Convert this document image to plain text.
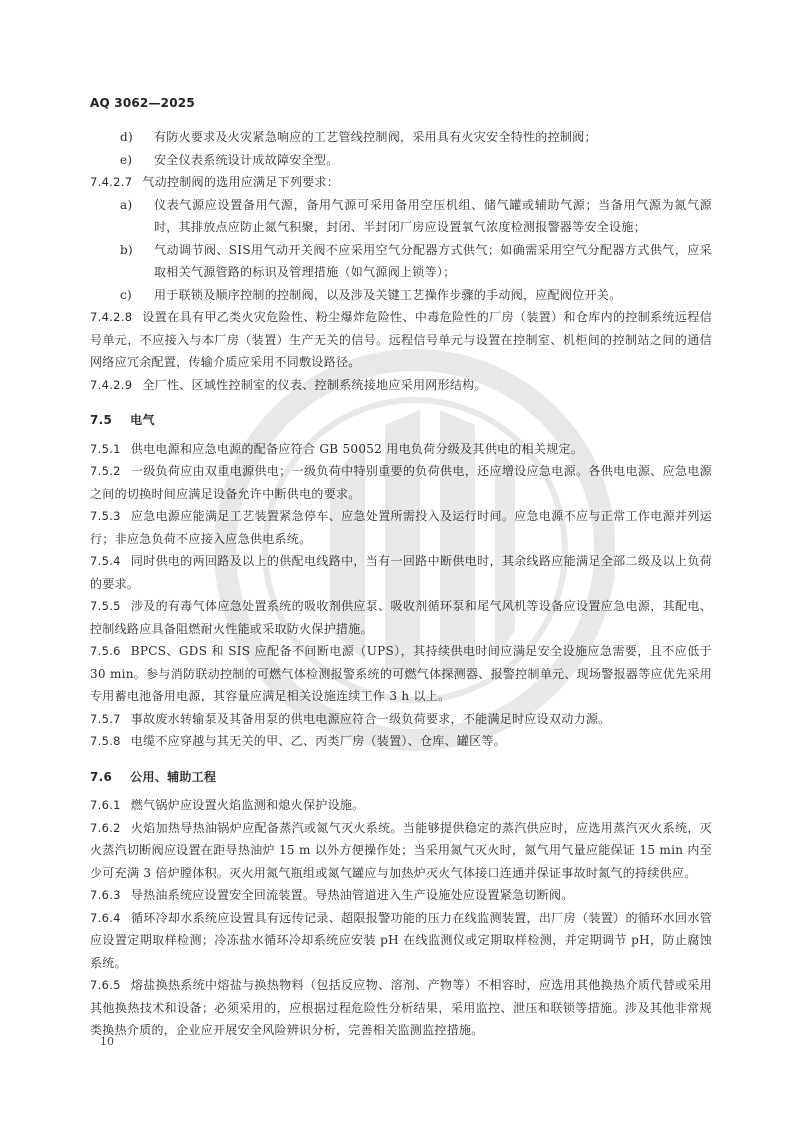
AQ 3062—2025
d)	有防火要求及火灾紧急响应的工艺管线控制阀，采用具有火灾安全特性的控制阀；
e)	安全仪表系统设计成故障安全型。

7.4.2.7 气动控制阀的选用应满足下列要求：

a)	仪表气源应设置备用气源，备用气源可采用备用空压机组、储气罐或辅助气源；当备用气源为氮气源时，其排放点应防止氮气积聚，封闭、半封闭厂房应设置氧气浓度检测报警器等安全设施；
b)	气动调节阀、SIS用气动开关阀不应采用空气分配器方式供气；如确需采用空气分配器方式供气，应采取相关气源管路的标识及管理措施（如气源阀上锁等）；
c)	用于联锁及顺序控制的控制阀，以及涉及关键工艺操作步骤的手动阀，应配阀位开关。

7.4.2.8 设置在具有甲乙类火灾危险性、粉尘爆炸危险性、中毒危险性的厂房（装置）和仓库内的控制系统远程信号单元，不应接入与本厂房（装置）生产无关的信号。远程信号单元与设置在控制室、机柜间的控制站之间的通信网络应冗余配置，传输介质应采用不同敷设路径。

7.4.2.9 全厂性、区域性控制室的仪表、控制系统接地应采用网形结构。

7.5 电气

7.5.1 供电电源和应急电源的配备应符合 GB 50052 用电负荷分级及其供电的相关规定。

7.5.2 一级负荷应由双重电源供电；一级负荷中特别重要的负荷供电，还应增设应急电源。各供电电源、应急电源之间的切换时间应满足设备允许中断供电的要求。

7.5.3 应急电源应能满足工艺装置紧急停车、应急处置所需投入及运行时间。应急电源不应与正常工作电源并列运行；非应急负荷不应接入应急供电系统。

7.5.4 同时供电的两回路及以上的供配电线路中，当有一回路中断供电时，其余线路应能满足全部二级及以上负荷的要求。

7.5.5 涉及的有毒气体应急处置系统的吸收剂供应泵、吸收剂循环泵和尾气风机等设备应设置应急电源，其配电、控制线路应具备阻燃耐火性能或采取防火保护措施。

7.5.6 BPCS、GDS 和 SIS 应配备不间断电源（UPS），其持续供电时间应满足安全设施应急需要，且不应低于 30 min。参与消防联动控制的可燃气体检测报警系统的可燃气体探测器、报警控制单元、现场警报器等应优先采用专用蓄电池备用电源，其容量应满足相关设施连续工作 3 h 以上。

7.5.7 事故废水转输泵及其备用泵的供电电源应符合一级负荷要求，不能满足时应设双动力源。

7.5.8 电缆不应穿越与其无关的甲、乙、丙类厂房（装置）、仓库、罐区等。

7.6 公用、辅助工程

7.6.1 燃气锅炉应设置火焰监测和熄火保护设施。

7.6.2 火焰加热导热油锅炉应配备蒸汽或氮气灭火系统。当能够提供稳定的蒸汽供应时，应选用蒸汽灭火系统，灭火蒸汽切断阀应设置在距导热油炉 15 m 以外方便操作处；当采用氮气灭火时，氮气用气量应能保证 15 min 内至少可充满 3 倍炉膛体积。灭火用氮气瓶组或氮气罐应与加热炉灭火气体接口连通并保证事故时氮气的持续供应。

7.6.3 导热油系统应设置安全回流装置。导热油管道进入生产设施处应设置紧急切断阀。

7.6.4 循环冷却水系统应设置具有远传记录、超限报警功能的压力在线监测装置，出厂房（装置）的循环水回水管应设置定期取样检测；冷冻盐水循环冷却系统应安装 pH 在线监测仪或定期取样检测，并定期调节 pH，防止腐蚀系统。

7.6.5 熔盐换热系统中熔盐与换热物料（包括反应物、溶剂、产物等）不相容时，应选用其他换热介质代替或采用其他换热技术和设备；必须采用的，应根据过程危险性分析结果，采用监控、泄压和联锁等措施。涉及其他非常规类换热介质的，企业应开展安全风险辨识分析，完善相关监测监控措施。

10
